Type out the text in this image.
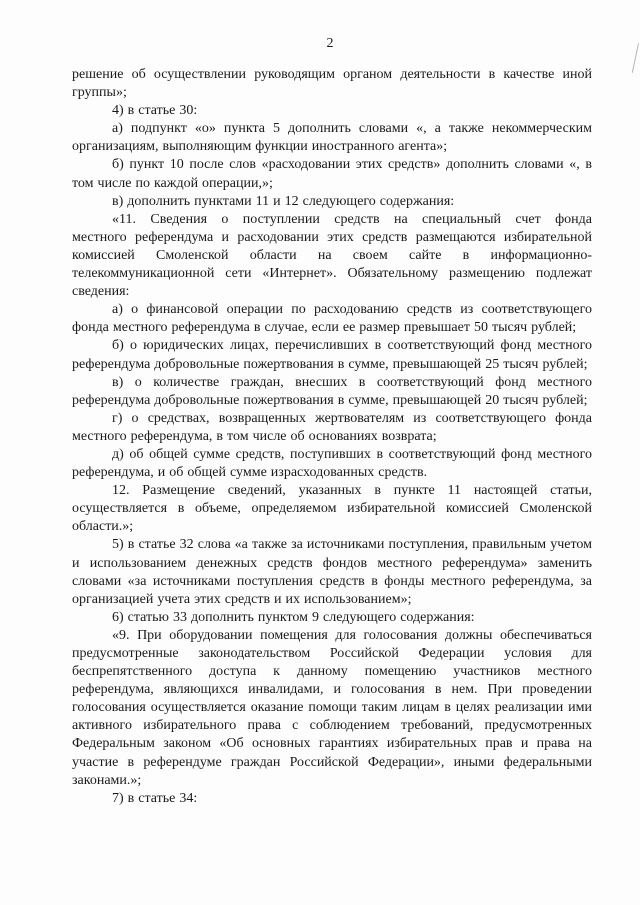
2

решение об осуществлении руководящим органом деятельности в качестве иной группы»;

4) в статье 30:

а) подпункт «о» пункта 5 дополнить словами «, а также некоммерческим организациям, выполняющим функции иностранного агента»;

б) пункт 10 после слов «расходовании этих средств» дополнить словами «, в том числе по каждой операции,»;

в) дополнить пунктами 11 и 12 следующего содержания:

«11. Сведения о поступлении средств на специальный счет фонда местного референдума и расходовании этих средств размещаются избирательной комиссией Смоленской области на своем сайте в информационно-телекоммуникационной сети «Интернет». Обязательному размещению подлежат сведения:

а) о финансовой операции по расходованию средств из соответствующего фонда местного референдума в случае, если ее размер превышает 50 тысяч рублей;

б) о юридических лицах, перечисливших в соответствующий фонд местного референдума добровольные пожертвования в сумме, превышающей 25 тысяч рублей;

в) о количестве граждан, внесших в соответствующий фонд местного референдума добровольные пожертвования в сумме, превышающей 20 тысяч рублей;

г) о средствах, возвращенных жертвователям из соответствующего фонда местного референдума, в том числе об основаниях возврата;

д) об общей сумме средств, поступивших в соответствующий фонд местного референдума, и об общей сумме израсходованных средств.

12. Размещение сведений, указанных в пункте 11 настоящей статьи, осуществляется в объеме, определяемом избирательной комиссией Смоленской области.»;

5) в статье 32 слова «а также за источниками поступления, правильным учетом и использованием денежных средств фондов местного референдума» заменить словами «за источниками поступления средств в фонды местного референдума, за организацией учета этих средств и их использованием»;

6) статью 33 дополнить пунктом 9 следующего содержания:

«9. При оборудовании помещения для голосования должны обеспечиваться предусмотренные законодательством Российской Федерации условия для беспрепятственного доступа к данному помещению участников местного референдума, являющихся инвалидами, и голосования в нем. При проведении голосования осуществляется оказание помощи таким лицам в целях реализации ими активного избирательного права с соблюдением требований, предусмотренных Федеральным законом «Об основных гарантиях избирательных прав и права на участие в референдуме граждан Российской Федерации», иными федеральными законами.»;

7) в статье 34:
